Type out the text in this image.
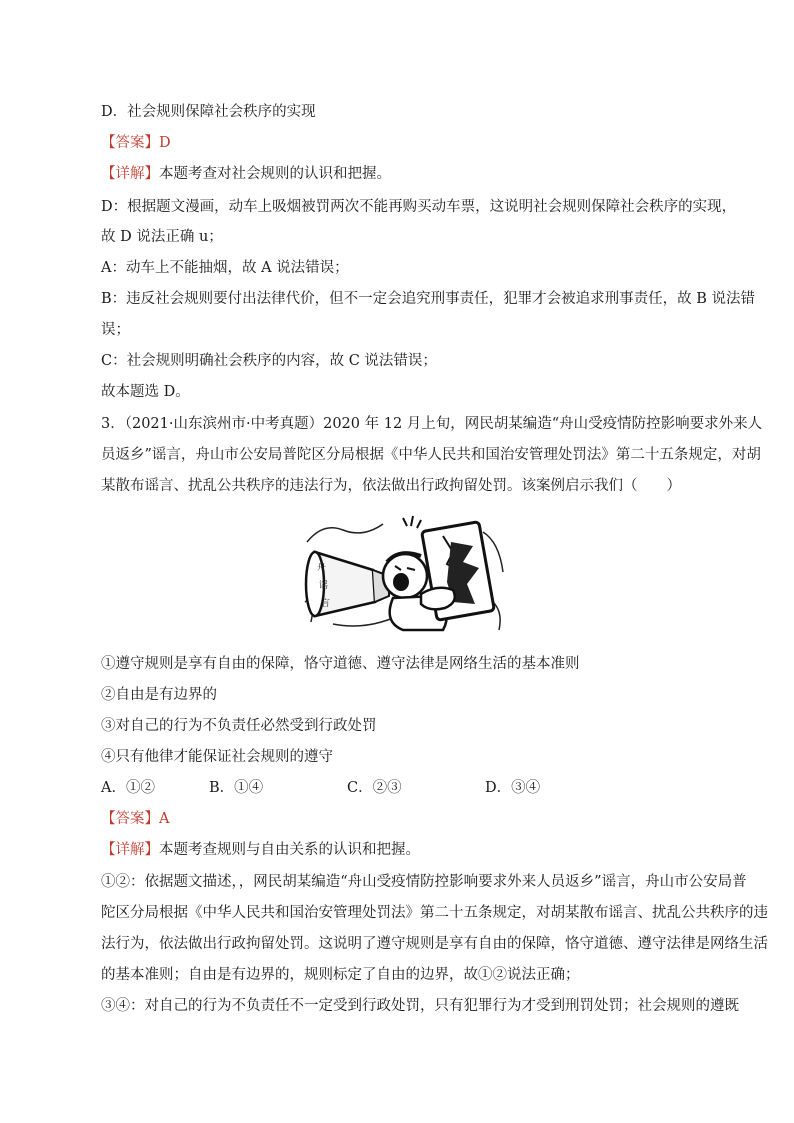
D．社会规则保障社会秩序的实现
【答案】D
【详解】本题考查对社会规则的认识和把握。
D：根据题文漫画，动车上吸烟被罚两次不能再购买动车票，这说明社会规则保障社会秩序的实现，
故 D 说法正确 u；
A：动车上不能抽烟，故 A 说法错误；
B：违反社会规则要付出法律代价，但不一定会追究刑事责任，犯罪才会被追求刑事责任，故 B 说法错
误；
C：社会规则明确社会秩序的内容，故 C 说法错误；
故本题选 D。
3．（2021·山东滨州市·中考真题）2020 年 12 月上旬，网民胡某编造“舟山受疫情防控影响要求外来人
员返乡”谣言，舟山市公安局普陀区分局根据《中华人民共和国治安管理处罚法》第二十五条规定，对胡
某散布谣言、扰乱公共秩序的违法行为，依法做出行政拘留处罚。该案例启示我们（　　）
舟
谣
言
①遵守规则是享有自由的保障，恪守道德、遵守法律是网络生活的基本准则
②自由是有边界的
③对自己的行为不负责任必然受到行政处罚
④只有他律才能保证社会规则的遵守
A．①②	B．①④	C．②③	D．③④
【答案】A
【详解】本题考查规则与自由关系的认识和把握。
①②：依据题文描述，，网民胡某编造“舟山受疫情防控影响要求外来人员返乡”谣言，舟山市公安局普
陀区分局根据《中华人民共和国治安管理处罚法》第二十五条规定，对胡某散布谣言、扰乱公共秩序的违
法行为，依法做出行政拘留处罚。这说明了遵守规则是享有自由的保障，恪守道德、遵守法律是网络生活
的基本准则；自由是有边界的，规则标定了自由的边界，故①②说法正确；
③④：对自己的行为不负责任不一定受到行政处罚，只有犯罪行为才受到刑罚处罚；社会规则的遵既
